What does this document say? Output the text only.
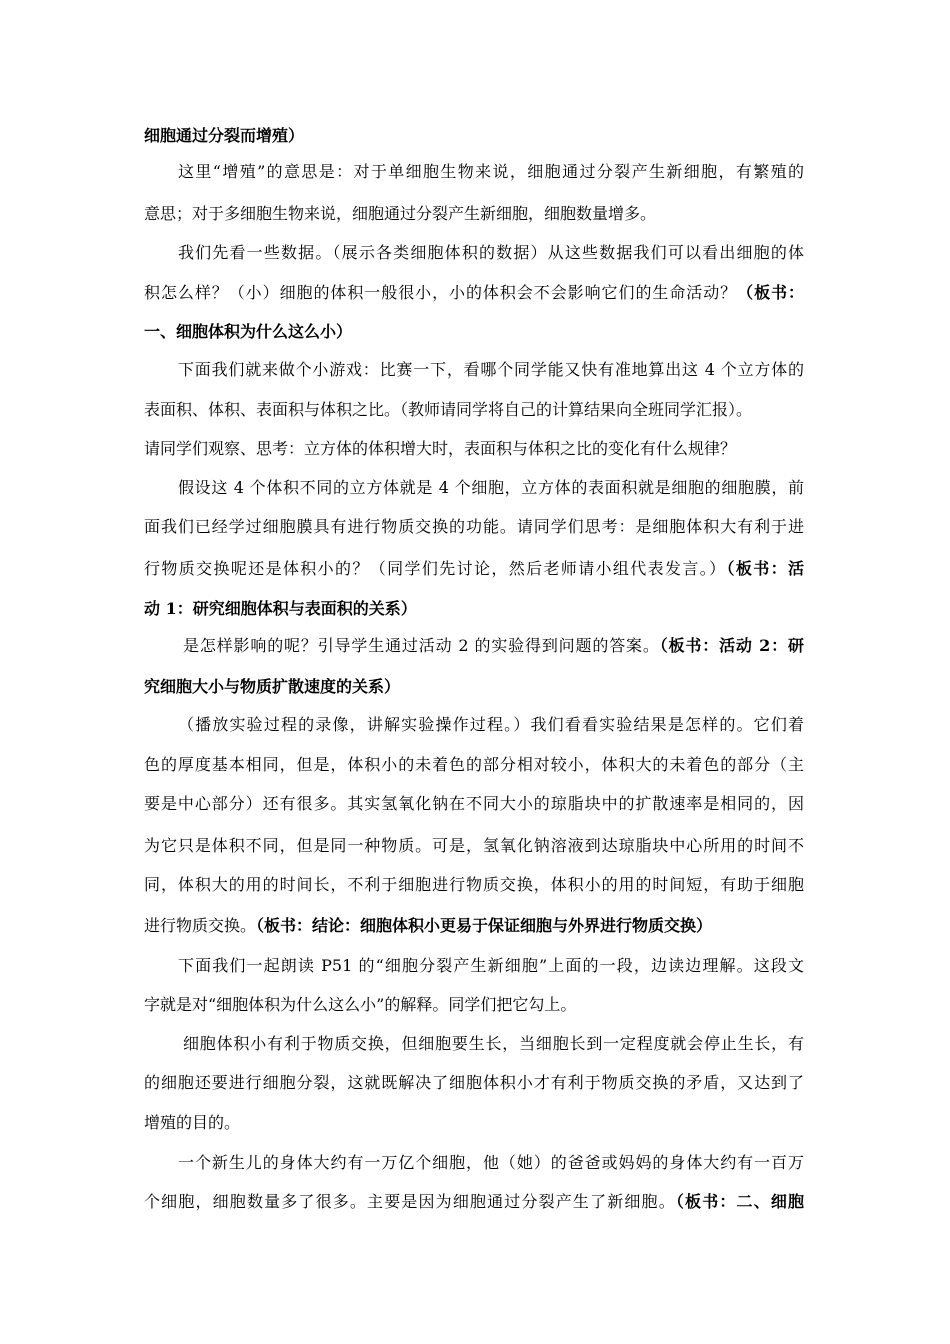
细胞通过分裂而增殖）
这里“增殖”的意思是：对于单细胞生物来说，细胞通过分裂产生新细胞，有繁殖的
意思；对于多细胞生物来说，细胞通过分裂产生新细胞，细胞数量增多。
我们先看一些数据。（展示各类细胞体积的数据）从这些数据我们可以看出细胞的体
积怎么样？（小）细胞的体积一般很小，小的体积会不会影响它们的生命活动？（板书：
一、细胞体积为什么这么小）
下面我们就来做个小游戏：比赛一下，看哪个同学能又快有准地算出这 4 个立方体的
表面积、体积、表面积与体积之比。（教师请同学将自己的计算结果向全班同学汇报）。
请同学们观察、思考：立方体的体积增大时，表面积与体积之比的变化有什么规律？
假设这 4 个体积不同的立方体就是 4 个细胞，立方体的表面积就是细胞的细胞膜，前
面我们已经学过细胞膜具有进行物质交换的功能。请同学们思考：是细胞体积大有利于进
行物质交换呢还是体积小的？（同学们先讨论，然后老师请小组代表发言。）（板书：活
动 1：研究细胞体积与表面积的关系）
是怎样影响的呢？引导学生通过活动 2 的实验得到问题的答案。（板书：活动 2：研
究细胞大小与物质扩散速度的关系）
（播放实验过程的录像，讲解实验操作过程。）我们看看实验结果是怎样的。它们着
色的厚度基本相同，但是，体积小的未着色的部分相对较小，体积大的未着色的部分（主
要是中心部分）还有很多。其实氢氧化钠在不同大小的琼脂块中的扩散速率是相同的，因
为它只是体积不同，但是同一种物质。可是，氢氧化钠溶液到达琼脂块中心所用的时间不
同，体积大的用的时间长，不利于细胞进行物质交换，体积小的用的时间短，有助于细胞
进行物质交换。（板书：结论：细胞体积小更易于保证细胞与外界进行物质交换）
下面我们一起朗读 P51 的“细胞分裂产生新细胞”上面的一段，边读边理解。这段文
字就是对“细胞体积为什么这么小”的解释。同学们把它勾上。
细胞体积小有利于物质交换，但细胞要生长，当细胞长到一定程度就会停止生长，有
的细胞还要进行细胞分裂，这就既解决了细胞体积小才有利于物质交换的矛盾，又达到了
增殖的目的。
一个新生儿的身体大约有一万亿个细胞，他（她）的爸爸或妈妈的身体大约有一百万
个细胞，细胞数量多了很多。主要是因为细胞通过分裂产生了新细胞。（板书：二、细胞
